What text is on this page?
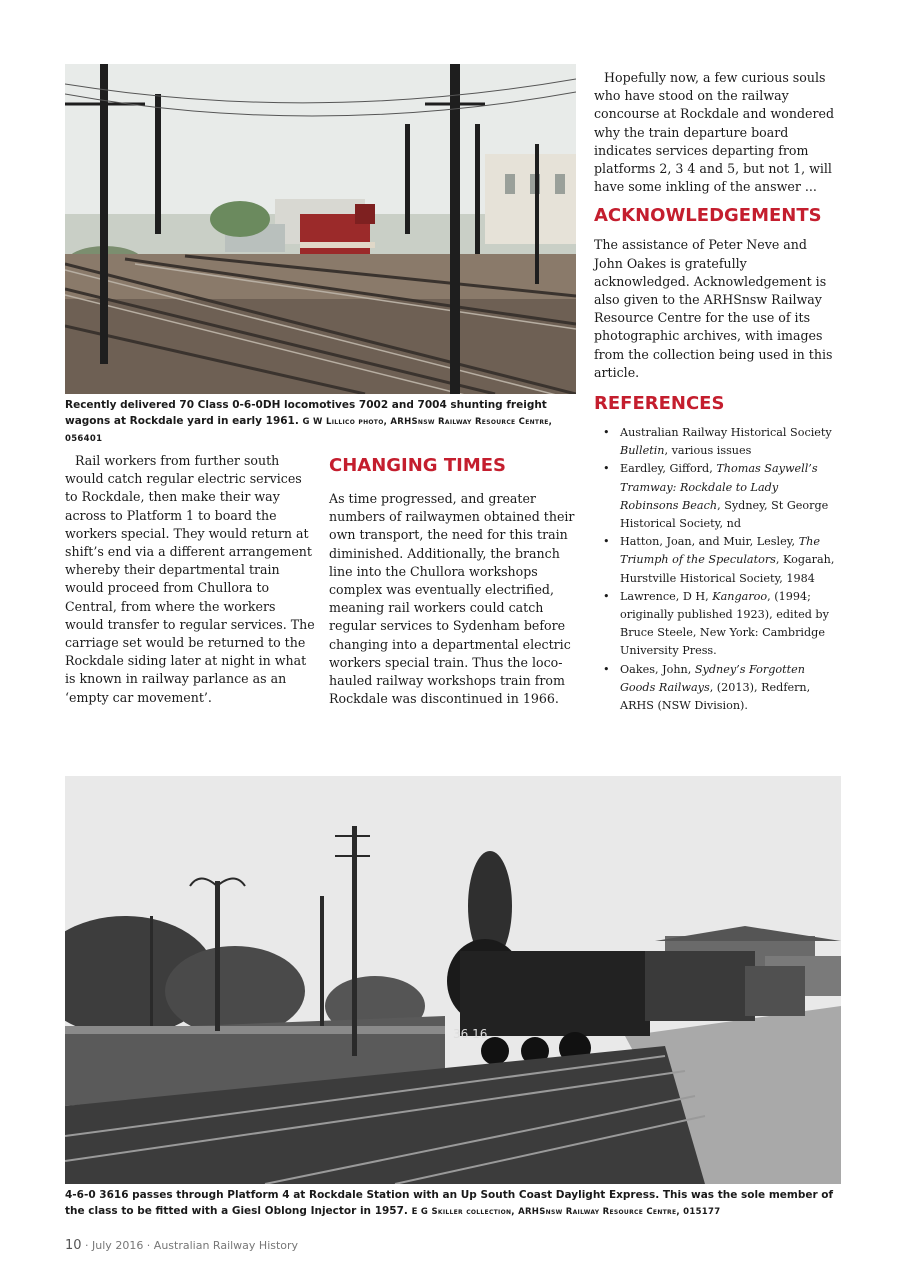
Recently delivered 70 Class 0-6-0DH locomotives 7002 and 7004 shunting freight wagons at Rockdale yard in early 1961. G W Lillico photo, ARHSnsw Railway Resource Centre, 056401

Rail workers from further south would catch regular electric services to Rockdale, then make their way across to Platform 1 to board the workers special. They would return at shift’s end via a different arrangement whereby their departmental train would proceed from Chullora to Central, from where the workers would transfer to regular services. The carriage set would be returned to the Rockdale siding later at night in what is known in railway parlance as an ‘empty car movement’.

CHANGING TIMES

As time progressed, and greater numbers of railwaymen obtained their own transport, the need for this train diminished. Additionally, the branch line into the Chullora workshops complex was eventually electrified, meaning rail workers could catch regular services to Sydenham before changing into a departmental electric workers special train. Thus the loco-hauled railway workshops train from Rockdale was discontinued in 1966.

Hopefully now, a few curious souls who have stood on the railway concourse at Rockdale and wondered why the train departure board indicates services departing from platforms 2, 3 4 and 5, but not 1, will have some inkling of the answer ...

ACKNOWLEDGEMENTS

The assistance of Peter Neve and John Oakes is gratefully acknowledged. Acknowledgement is also given to the ARHSnsw Railway Resource Centre for the use of its photographic archives, with images from the collection being used in this article.

REFERENCES
• Australian Railway Historical Society Bulletin, various issues
• Eardley, Gifford, Thomas Saywell’s Tramway: Rockdale to Lady Robinsons Beach, Sydney, St George Historical Society, nd
• Hatton, Joan, and Muir, Lesley, The Triumph of the Speculators, Kogarah, Hurstville Historical Society, 1984
• Lawrence, D H, Kangaroo, (1994; originally published 1923), edited by Bruce Steele, New York: Cambridge University Press.
• Oakes, John, Sydney’s Forgotten Goods Railways, (2013), Redfern, ARHS (NSW Division).
36 16
4-6-0 3616 passes through Platform 4 at Rockdale Station with an Up South Coast Daylight Express. This was the sole member of the class to be fitted with a Giesl Oblong Injector in 1957. E G Skiller collection, ARHSnsw Railway Resource Centre, 015177
10 · July 2016 · Australian Railway History
